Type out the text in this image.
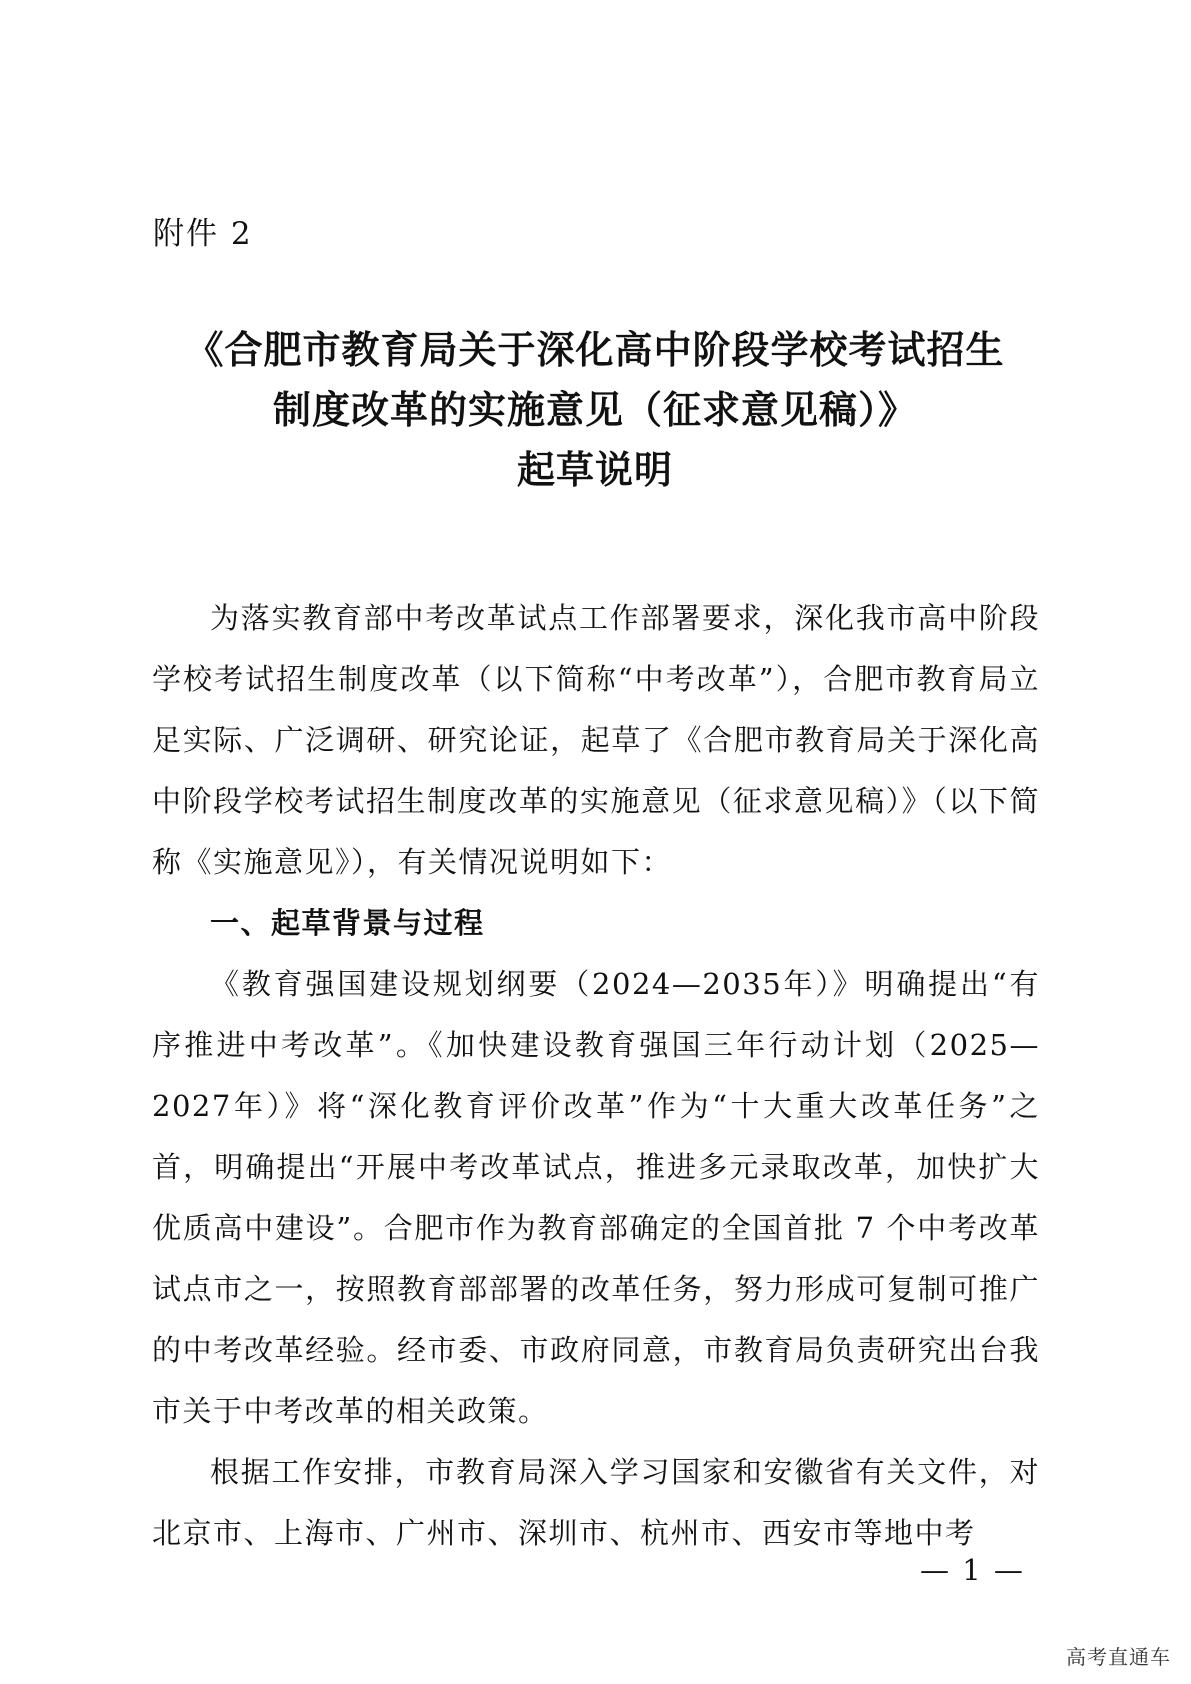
附件 2
《合肥市教育局关于深化高中阶段学校考试招生
制度改革的实施意见（征求意见稿）》
起草说明

为落实教育部中考改革试点工作部署要求，深化我市高中阶段学校考试招生制度改革（以下简称“中考改革”），合肥市教育局立足实际、广泛调研、研究论证，起草了《合肥市教育局关于深化高中阶段学校考试招生制度改革的实施意见（征求意见稿）》（以下简称《实施意见》），有关情况说明如下：

一、起草背景与过程

《教育强国建设规划纲要（2024—2035年）》明确提出“有序推进中考改革”。《加快建设教育强国三年行动计划（2025—2027年）》将“深化教育评价改革”作为“十大重大改革任务”之首，明确提出“开展中考改革试点，推进多元录取改革，加快扩大优质高中建设”。合肥市作为教育部确定的全国首批 7 个中考改革试点市之一，按照教育部部署的改革任务，努力形成可复制可推广的中考改革经验。经市委、市政府同意，市教育局负责研究出台我市关于中考改革的相关政策。

根据工作安排，市教育局深入学习国家和安徽省有关文件，对北京市、上海市、广州市、深圳市、杭州市、西安市等地中考

— 1 —
高考直通车
